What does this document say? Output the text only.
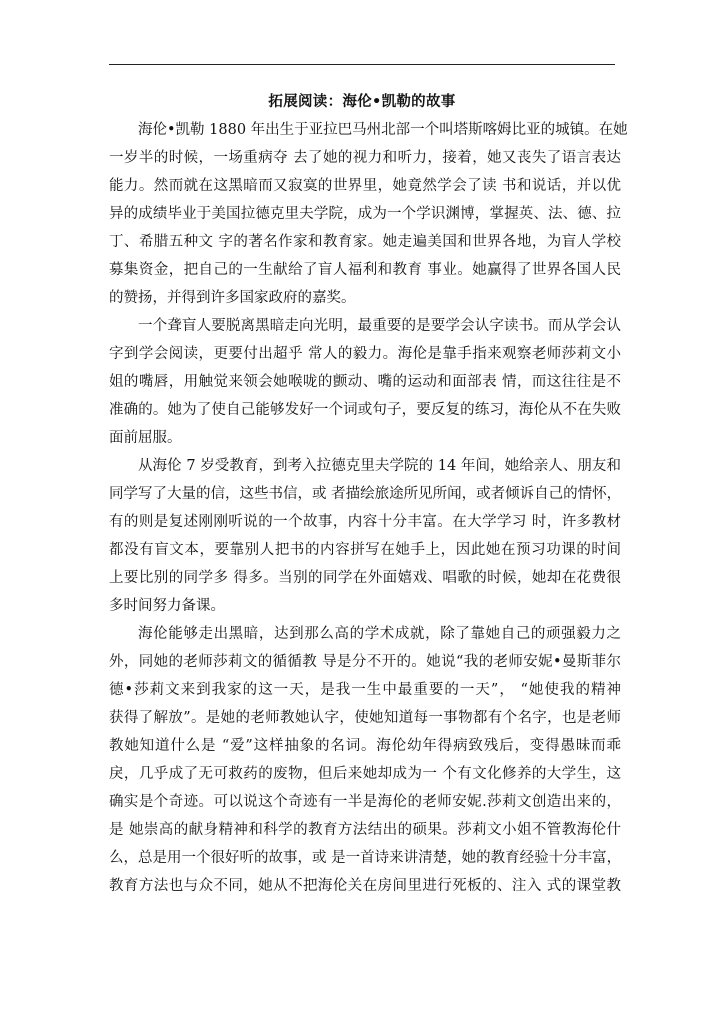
拓展阅读：海伦•凯勒的故事
海伦•凯勒 1880 年出生于亚拉巴马州北部一个叫塔斯喀姆比亚的城镇。在她
一岁半的时候，一场重病夺 去了她的视力和听力，接着，她又丧失了语言表达
能力。然而就在这黑暗而又寂寞的世界里，她竟然学会了读 书和说话，并以优
异的成绩毕业于美国拉德克里夫学院，成为一个学识渊博，掌握英、法、德、拉
丁、希腊五种文 字的著名作家和教育家。她走遍美国和世界各地，为盲人学校
募集资金，把自己的一生献给了盲人福利和教育 事业。她赢得了世界各国人民
的赞扬，并得到许多国家政府的嘉奖。
一个聋盲人要脱离黑暗走向光明，最重要的是要学会认字读书。而从学会认
字到学会阅读，更要付出超乎 常人的毅力。海伦是靠手指来观察老师莎莉文小
姐的嘴唇，用触觉来领会她喉咙的颤动、嘴的运动和面部表 情，而这往往是不
准确的。她为了使自己能够发好一个词或句子，要反复的练习，海伦从不在失败
面前屈服。
从海伦 7 岁受教育，到考入拉德克里夫学院的 14 年间，她给亲人、朋友和
同学写了大量的信，这些书信，或 者描绘旅途所见所闻，或者倾诉自己的情怀，
有的则是复述刚刚听说的一个故事，内容十分丰富。在大学学习 时，许多教材
都没有盲文本，要靠别人把书的内容拼写在她手上，因此她在预习功课的时间
上要比别的同学多 得多。当别的同学在外面嬉戏、唱歌的时候，她却在花费很
多时间努力备课。
海伦能够走出黑暗，达到那么高的学术成就，除了靠她自己的顽强毅力之
外，同她的老师莎莉文的循循教 导是分不开的。她说“我的老师安妮•曼斯菲尔
德•莎莉文来到我家的这一天，是我一生中最重要的一天”， “她使我的精神
获得了解放”。是她的老师教她认字，使她知道每一事物都有个名字，也是老师
教她知道什么是 “爱”这样抽象的名词。海伦幼年得病致残后，变得愚昧而乖
戾，几乎成了无可救药的废物，但后来她却成为一 个有文化修养的大学生，这
确实是个奇迹。可以说这个奇迹有一半是海伦的老师安妮.莎莉文创造出来的，
是 她崇高的献身精神和科学的教育方法结出的硕果。莎莉文小姐不管教海伦什
么，总是用一个很好听的故事，或 是一首诗来讲清楚，她的教育经验十分丰富，
教育方法也与众不同，她从不把海伦关在房间里进行死板的、注入 式的课堂教
